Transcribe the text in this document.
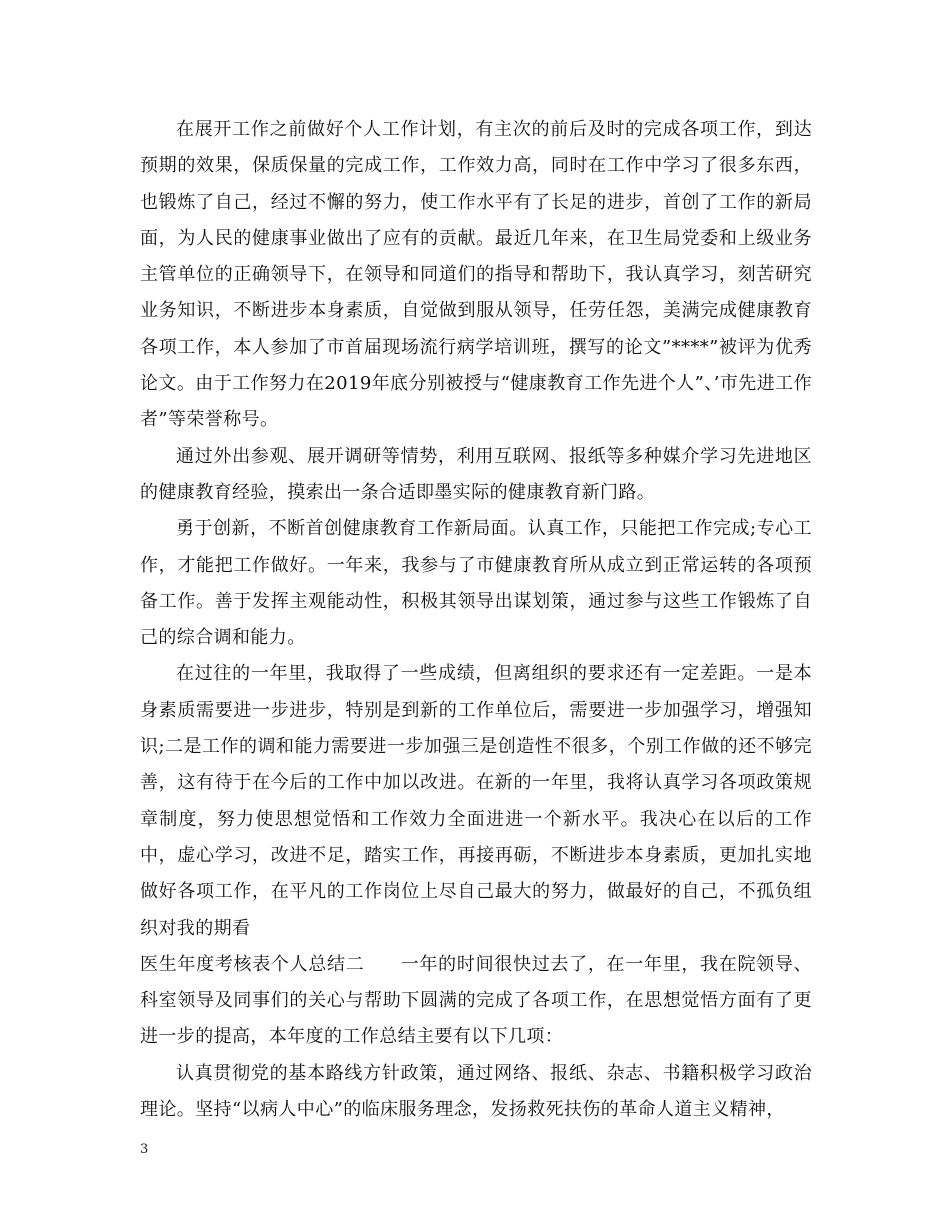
在展开工作之前做好个人工作计划，有主次的前后及时的完成各项工作，到达预期的效果，保质保量的完成工作，工作效力高，同时在工作中学习了很多东西，也锻炼了自己，经过不懈的努力，使工作水平有了长足的进步，首创了工作的新局面，为人民的健康事业做出了应有的贡献。最近几年来，在卫生局党委和上级业务主管单位的正确领导下，在领导和同道们的指导和帮助下，我认真学习，刻苦研究业务知识，不断进步本身素质，自觉做到服从领导，任劳任怨，美满完成健康教育各项工作，本人参加了市首届现场流行病学培训班，撰写的论文”****”被评为优秀论文。由于工作努力在2019年底分别被授与“健康教育工作先进个人”、’市先进工作者”等荣誉称号。

通过外出参观、展开调研等情势，利用互联网、报纸等多种媒介学习先进地区的健康教育经验，摸索出一条合适即墨实际的健康教育新门路。

勇于创新，不断首创健康教育工作新局面。认真工作，只能把工作完成;专心工作，才能把工作做好。一年来，我参与了市健康教育所从成立到正常运转的各项预备工作。善于发挥主观能动性，积极其领导出谋划策，通过参与这些工作锻炼了自己的综合调和能力。

在过往的一年里，我取得了一些成绩，但离组织的要求还有一定差距。一是本身素质需要进一步进步，特别是到新的工作单位后，需要进一步加强学习，增强知识;二是工作的调和能力需要进一步加强三是创造性不很多，个别工作做的还不够完善，这有待于在今后的工作中加以改进。在新的一年里，我将认真学习各项政策规章制度，努力使思想觉悟和工作效力全面进进一个新水平。我决心在以后的工作中，虚心学习，改进不足，踏实工作，再接再砺，不断进步本身素质，更加扎实地做好各项工作，在平凡的工作岗位上尽自己最大的努力，做最好的自己，不孤负组织对我的期看

医生年度考核表个人总结二 一年的时间很快过去了，在一年里，我在院领导、科室领导及同事们的关心与帮助下圆满的完成了各项工作，在思想觉悟方面有了更进一步的提高，本年度的工作总结主要有以下几项：

认真贯彻党的基本路线方针政策，通过网络、报纸、杂志、书籍积极学习政治理论。坚持“以病人中心”的临床服务理念，发扬救死扶伤的革命人道主义精神，

3
